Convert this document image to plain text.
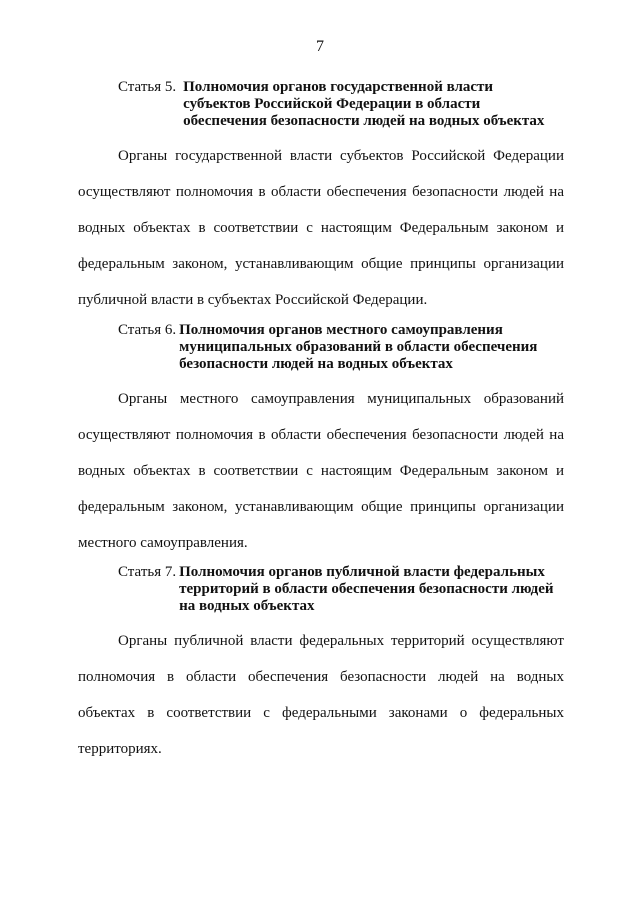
7
Статья 5. Полномочия органов государственной власти
субъектов Российской Федерации в области
обеспечения безопасности людей на водных объектах
Органы государственной власти субъектов Российской Федерации
осуществляют полномочия в области обеспечения безопасности людей на
водных объектах в соответствии с настоящим Федеральным законом и
федеральным законом, устанавливающим общие принципы организации
публичной власти в субъектах Российской Федерации.
Статья 6. Полномочия органов местного самоуправления
муниципальных образований в области обеспечения
безопасности людей на водных объектах
Органы местного самоуправления муниципальных образований
осуществляют полномочия в области обеспечения безопасности людей на
водных объектах в соответствии с настоящим Федеральным законом и
федеральным законом, устанавливающим общие принципы организации
местного самоуправления.
Статья 7. Полномочия органов публичной власти федеральных
территорий в области обеспечения безопасности людей
на водных объектах
Органы публичной власти федеральных территорий осуществляют
полномочия в области обеспечения безопасности людей на водных
объектах в соответствии с федеральными законами о федеральных
территориях.
